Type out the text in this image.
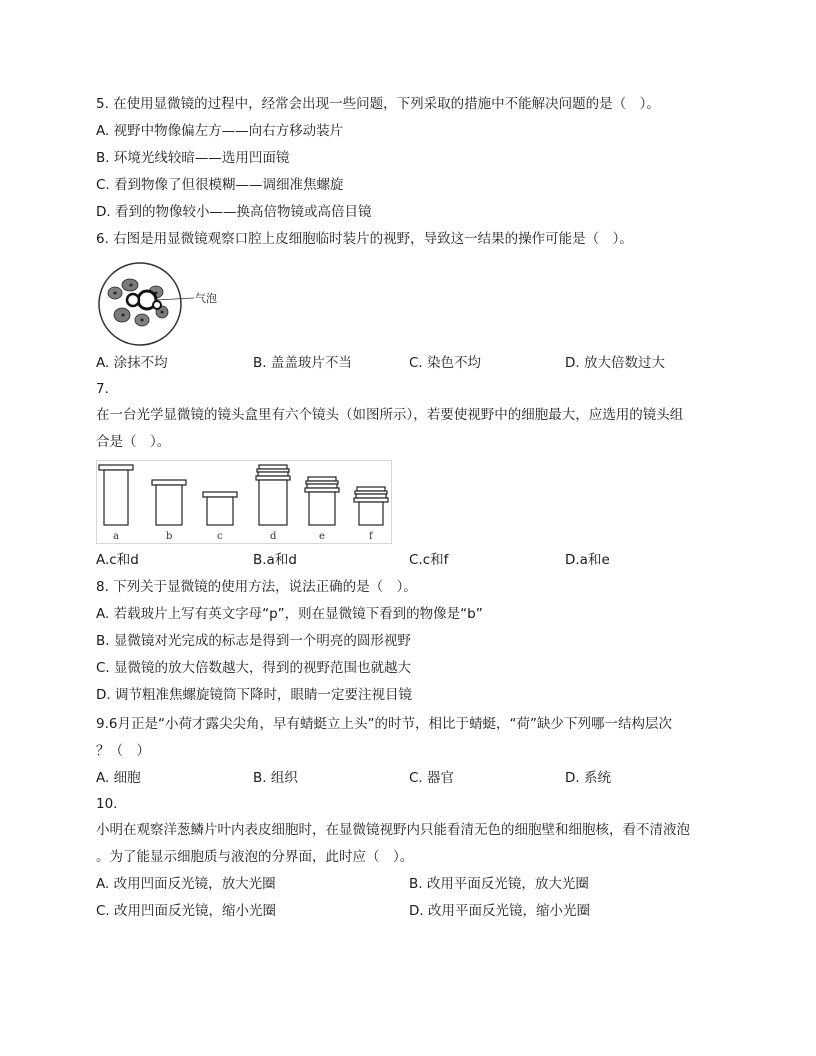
5. 在使用显微镜的过程中，经常会出现一些问题，下列采取的措施中不能解决问题的是（　）。
A. 视野中物像偏左方——向右方移动装片
B. 环境光线较暗——选用凹面镜
C. 看到物像了但很模糊——调细准焦螺旋
D. 看到的物像较小——换高倍物镜或高倍目镜
6. 右图是用显微镜观察口腔上皮细胞临时装片的视野，导致这一结果的操作可能是（　）。
气泡
A. 涂抹不均	B. 盖盖玻片不当	C. 染色不均	D. 放大倍数过大
7.
在一台光学显微镜的镜头盒里有六个镜头（如图所示），若要使视野中的细胞最大，应选用的镜头组
合是（　）。
a	b	c	d	e	f
A.c和d	B.a和d	C.c和f	D.a和e
8. 下列关于显微镜的使用方法，说法正确的是（　）。
A. 若载玻片上写有英文字母“p”，则在显微镜下看到的物像是“b”
B. 显微镜对光完成的标志是得到一个明亮的圆形视野
C. 显微镜的放大倍数越大，得到的视野范围也就越大
D. 调节粗准焦螺旋镜筒下降时，眼睛一定要注视目镜
9.6月正是“小荷才露尖尖角，早有蜻蜓立上头”的时节，相比于蜻蜓，“荷”缺少下列哪一结构层次
？（　）
A. 细胞	B. 组织	C. 器官	D. 系统
10.
小明在观察洋葱鳞片叶内表皮细胞时，在显微镜视野内只能看清无色的细胞壁和细胞核，看不清液泡
。为了能显示细胞质与液泡的分界面，此时应（　）。
A. 改用凹面反光镜，放大光圈	B. 改用平面反光镜，放大光圈
C. 改用凹面反光镜，缩小光圈	D. 改用平面反光镜，缩小光圈
